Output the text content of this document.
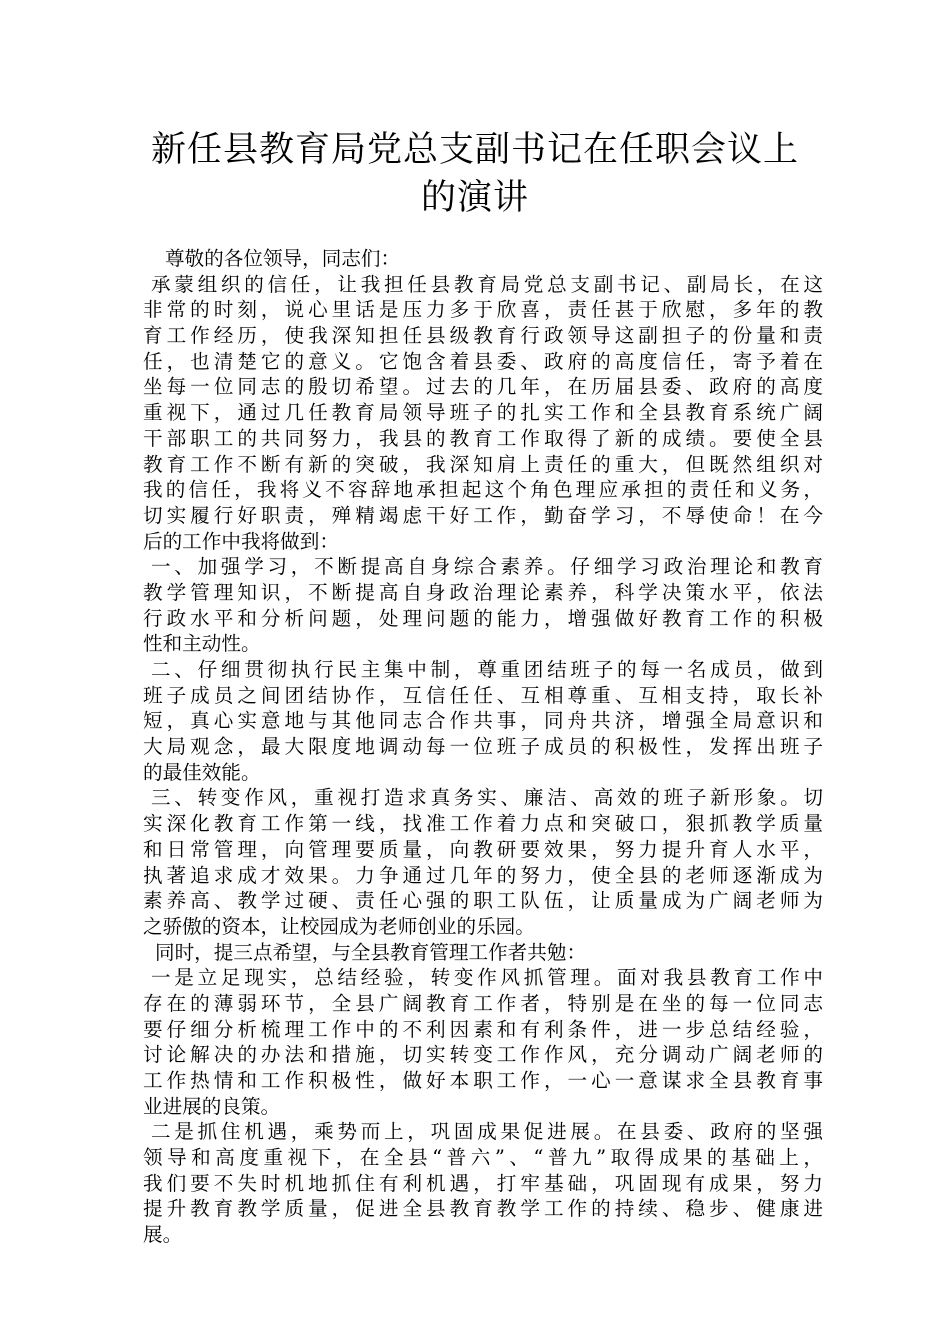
新任县教育局党总支副书记在任职会议上
的演讲
尊敬的各位领导，同志们：
承蒙组织的信任，让我担任县教育局党总支副书记、副局长，在这
非常的时刻，说心里话是压力多于欣喜，责任甚于欣慰，多年的教
育工作经历，使我深知担任县级教育行政领导这副担子的份量和责
任，也清楚它的意义。它饱含着县委、政府的高度信任，寄予着在
坐每一位同志的殷切希望。过去的几年，在历届县委、政府的高度
重视下，通过几任教育局领导班子的扎实工作和全县教育系统广阔
干部职工的共同努力，我县的教育工作取得了新的成绩。要使全县
教育工作不断有新的突破，我深知肩上责任的重大，但既然组织对
我的信任，我将义不容辞地承担起这个角色理应承担的责任和义务，
切实履行好职责，殚精竭虑干好工作，勤奋学习，不辱使命！在今
后的工作中我将做到：
一、加强学习，不断提高自身综合素养。仔细学习政治理论和教育
教学管理知识，不断提高自身政治理论素养，科学决策水平，依法
行政水平和分析问题，处理问题的能力，增强做好教育工作的积极
性和主动性。
二、仔细贯彻执行民主集中制，尊重团结班子的每一名成员，做到
班子成员之间团结协作，互信任任、互相尊重、互相支持，取长补
短，真心实意地与其他同志合作共事，同舟共济，增强全局意识和
大局观念，最大限度地调动每一位班子成员的积极性，发挥出班子
的最佳效能。
三、转变作风，重视打造求真务实、廉洁、高效的班子新形象。切
实深化教育工作第一线，找准工作着力点和突破口，狠抓教学质量
和日常管理，向管理要质量，向教研要效果，努力提升育人水平，
执著追求成才效果。力争通过几年的努力，使全县的老师逐渐成为
素养高、教学过硬、责任心强的职工队伍，让质量成为广阔老师为
之骄傲的资本，让校园成为老师创业的乐园。
同时，提三点希望，与全县教育管理工作者共勉：
一是立足现实，总结经验，转变作风抓管理。面对我县教育工作中
存在的薄弱环节，全县广阔教育工作者，特别是在坐的每一位同志
要仔细分析梳理工作中的不利因素和有利条件，进一步总结经验，
讨论解决的办法和措施，切实转变工作作风，充分调动广阔老师的
工作热情和工作积极性，做好本职工作，一心一意谋求全县教育事
业进展的良策。
二是抓住机遇，乘势而上，巩固成果促进展。在县委、政府的坚强
领导和高度重视下，在全县“普六”、“普九”取得成果的基础上，
我们要不失时机地抓住有利机遇，打牢基础，巩固现有成果，努力
提升教育教学质量，促进全县教育教学工作的持续、稳步、健康进
展。
